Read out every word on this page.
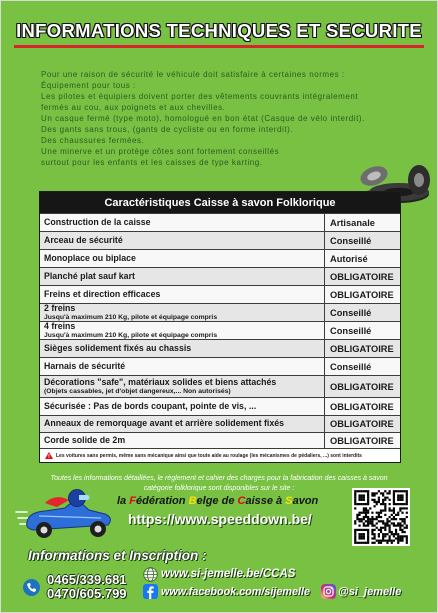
INFORMATIONS TECHNIQUES ET SECURITE
Pour une raison de sécurité le véhicule doit satisfaire à certaines normes :
Équipement pour tous :
Les pilotes et équipiers doivent porter des vêtements couvrants intégralement
fermés au cou, aux poignets et aux chevilles.
Un casque fermé (type moto), homologué en bon état (Casque de vélo interdit).
Des gants sans trous, (gants de cycliste ou en forme interdit).
Des chaussures fermées.
Une minerve et un protège côtes sont fortement conseillés
surtout pour les enfants et les caisses de type karting.
Caractéristiques Caisse à savon Folklorique
Construction de la caisse	Artisanale
Arceau de sécurité	Conseillé
Monoplace ou biplace	Autorisé
Planché plat sauf kart	OBLIGATOIRE
Freins et direction efficaces	OBLIGATOIRE
2 freins
Jusqu'à maximum 210 Kg, pilote et équipage compris	Conseillé
4 freins
Jusqu'à maximum 210 Kg, pilote et équipage compris	Conseillé
Sièges solidement fixés au chassis	OBLIGATOIRE
Harnais de sécurité	Conseillé
Décorations "safe", matériaux solides et biens attachés
(Objets cassables, jet d'objet dangereux,... Non autorisés)	OBLIGATOIRE
Sécurisée : Pas de bords coupant, pointe de vis, ...	OBLIGATOIRE
Anneaux de remorquage avant et arrière solidement fixés	OBLIGATOIRE
Corde solide de 2m	OBLIGATOIRE
Les voitures sans permis, même sans mécanique ainsi que toute aide au roulage (les mécanismes de pédaliers, ...) sont interdits
Toutes les informations détaillées, le règlement et cahier des charges pour la fabrication des caisses à savon
catégorie folklorique sont disponibles sur le site :
la Fédération Belge de Caisse à Savon
https://www.speeddown.be/
Informations et Inscription :
0465/339.681
0470/605.799
www.si-jemelle.be/CCAS
www.facebook.com/sijemelle	@si_jemelle
